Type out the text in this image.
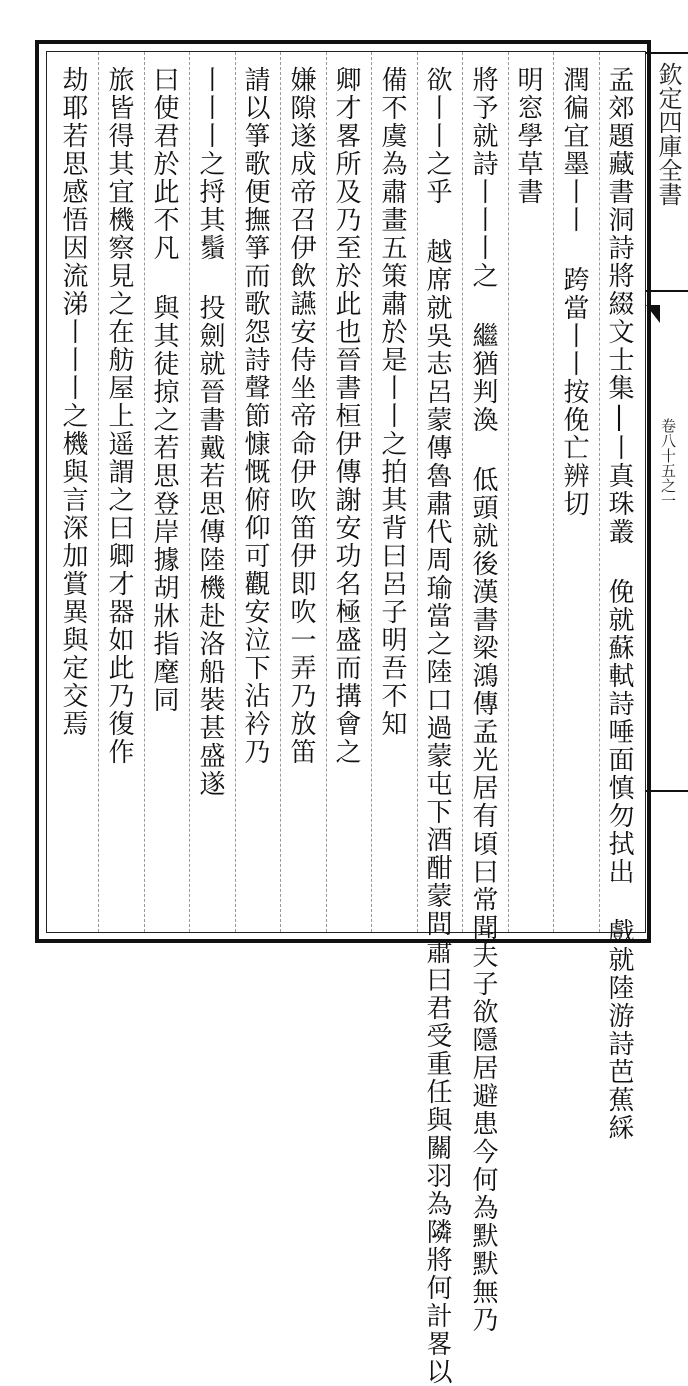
欽定四庫全書
卷八十五之一
孟郊題藏書洞詩將綴文士集|丨真珠叢 俛就蘇軾詩唾面慎勿拭出 戲就陸游詩芭蕉綵
潤徧宜墨丨丨 跨當丨丨按俛亡辨切
明窓學草書
將予就詩丨丨丨之 繼猶判渙 低頭就後漢書梁鴻傳孟光居有頃曰常聞夫子欲隱居避患今何為默默無乃
欲丨丨之乎 越席就吳志呂蒙傳魯肅代周瑜當之陸口過蒙屯下酒酣蒙問肅曰君受重任與關羽為隣將何計畧以
備不虞為肅畫五策肅於是丨丨之拍其背曰呂子明吾不知
卿才畧所及乃至於此也晉書桓伊傳謝安功名極盛而搆會之
嫌隙遂成帝召伊飲讌安侍坐帝命伊吹笛伊即吹一弄乃放笛
請以箏歌便撫箏而歌怨詩聲節慷慨俯仰可觀安泣下沾衿乃
丨丨丨之捋其鬚 投劍就晉書戴若思傳陸機赴洛船裝甚盛遂
曰使君於此不凡 與其徒掠之若思登岸據胡牀指麾同
旅皆得其宜機察見之在舫屋上遥謂之曰卿才器如此乃復作
劫耶若思感悟因流涕丨丨丨之機與言深加賞異與定交焉
